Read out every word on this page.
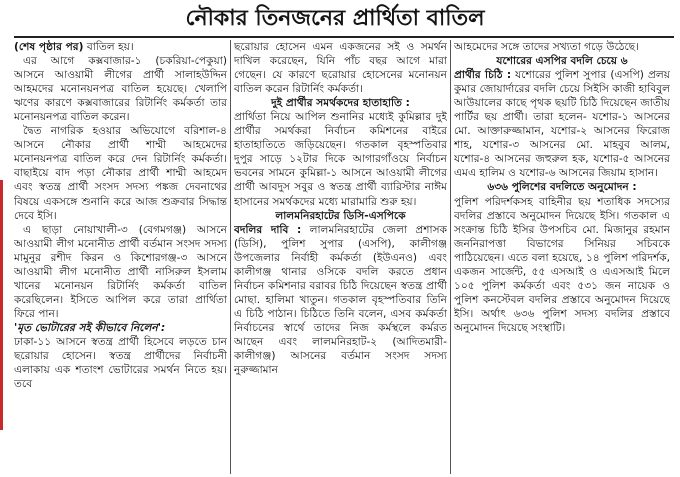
নৌকার তিনজনের প্রার্থিতা বাতিল

(শেষ পৃষ্ঠার পর) বাতিল হয়।

এর আগে কক্সবাজার-১ (চকরিয়া-পেকুয়া) আসনে আওয়ামী লীগের প্রার্থী সালাহউদ্দিন আহমদের মনোনয়নপত্র বাতিল হয়েছে। খেলাপি ঋণের কারণে কক্সবাজারের রিটার্নিং কর্মকর্তা তার মনোনয়নপত্র বাতিল করেন।

দ্বৈত নাগরিক হওয়ার অভিযোগে বরিশাল-৪ আসনে নৌকার প্রার্থী শাম্মী আহমেদের মনোনয়নপত্র বাতিল করে দেন রিটার্নিং কর্মকর্তা। বাছাইয়ে বাদ পড়া নৌকার প্রার্থী শাম্মী আহমেদ এবং স্বতন্ত্র প্রার্থী সংসদ সদস্য পঙ্কজ দেবনাথের বিষয়ে একসঙ্গে শুনানি করে আজ শুক্রবার সিদ্ধান্ত দেবে ইসি।

এ ছাড়া নোয়াখালী-৩ (বেগমগঞ্জ) আসনে আওয়ামী লীগ মনোনীত প্রার্থী বর্তমান সংসদ সদস্য মামুনুর রশীদ কিরন ও কিশোরগঞ্জ-৩ আসনে আওয়ামী লীগ মনোনীত প্রার্থী নাসিরুল ইসলাম খানের মনোনয়ন রিটার্নিং কর্মকর্তা বাতিল করেছিলেন। ইসিতে আপিল করে তারা প্রার্থিতা ফিরে পান।

'মৃত ভোটারের সই কীভাবে নিলেন':

ঢাকা-১১ আসনে স্বতন্ত্র প্রার্থী হিসেবে লড়তে চান ছরোয়ার হোসেন। স্বতন্ত্র প্রার্থীদের নির্বাচনী এলাকায় এক শতাংশ ভোটারের সমর্থন নিতে হয়। তবে

ছরোয়ার হোসেন এমন একজনের সই ও সমর্থন দাখিল করেছেন, যিনি পাঁচ বছর আগে মারা গেছেন। যে কারণে ছরোয়ার হোসেনের মনোনয়ন বাতিল করেন রিটার্নিং কর্মকর্তা।

দুই প্রার্থীর সমর্থকদের হাতাহাতি :

প্রার্থিতা নিয়ে আপিল শুনানির মধ্যেই কুমিল্লার দুই প্রার্থীর সমর্থকরা নির্বাচন কমিশনের বাইরে হাতাহাতিতে জড়িয়েছেন। গতকাল বৃহস্পতিবার দুপুর সাড়ে ১২টার দিকে আগারগাঁওয়ে নির্বাচন ভবনের সামনে কুমিল্লা-১ আসনে আওয়ামী লীগের প্রার্থী আবদুস সবুর ও স্বতন্ত্র প্রার্থী ব্যারিস্টার নাঈম হাসানের সমর্থকদের মধ্যে মারামারি শুরু হয়।

লালমনিরহাটের ডিসি-এসপিকে

বদলির দাবি : লালমনিরহাটের জেলা প্রশাসক (ডিসি), পুলিশ সুপার (এসপি), কালীগঞ্জ উপজেলার নির্বাহী কর্মকর্তা (ইউএনও) এবং কালীগঞ্জ থানার ওসিকে বদলি করতে প্রধান নির্বাচন কমিশনার বরাবর চিঠি দিয়েছেন স্বতন্ত্র প্রার্থী মোছা. হালিমা খাতুন। গতকাল বৃহস্পতিবার তিনি এ চিঠি পাঠান। চিঠিতে তিনি বলেন, এসব কর্মকর্তা নির্বাচনের স্বার্থে তাদের নিজ কর্মস্থলে কর্মরত আছেন এবং লালমনিরহাট-২ (আদিতমারী-কালীগঞ্জ) আসনের বর্তমান সংসদ সদস্য নুরুজ্জামান

আহমেদের সঙ্গে তাদের সখ্যতা গড়ে উঠেছে।

যশোরের এসপির বদলি চেয়ে ৬

প্রার্থীর চিঠি : যশোরের পুলিশ সুপার (এসপি) প্রলয় কুমার জোয়ার্দারের বদলি চেয়ে সিইসি কাজী হাবিবুল আউয়ালের কাছে পৃথক ছয়টি চিঠি দিয়েছেন জাতীয় পার্টির ছয় প্রার্থী। তারা হলেন- যশোর-১ আসনের মো. আক্তারুজ্জামান, যশোর-২ আসনের ফিরোজ শাহ, যশোর-৩ আসনের মো. মাহবুব আলম, যশোর-৪ আসনের জহুরুল হক, যশোর-৫ আসনের এমএ হালিম ও যশোর-৬ আসনের জিয়াম হাসান।

৬৩৬ পুলিশের বদলিতে অনুমোদন :

পুলিশ পরিদর্শকসহ বাহিনীর ছয় শতাধিক সদস্যের বদলির প্রস্তাবে অনুমোদন দিয়েছে ইসি। গতকাল এ সংক্রান্ত চিঠি ইসির উপসচিব মো. মিজানুর রহমান জননিরাপত্তা বিভাগের সিনিয়র সচিবকে পাঠিয়েছেন। এতে বলা হয়েছে, ১৪ পুলিশ পরিদর্শক, একজন সার্জেন্ট, ৫৫ এসআই ও এএসআই মিলে ১০৫ পুলিশ কর্মকর্তা এবং ৫৩১ জন নায়েক ও পুলিশ কনস্টেবল বদলির প্রস্তাবে অনুমোদন দিয়েছে ইসি। অর্থাৎ ৬৩৬ পুলিশ সদস্য বদলির প্রস্তাবে অনুমোদন দিয়েছে সংস্থাটি।
